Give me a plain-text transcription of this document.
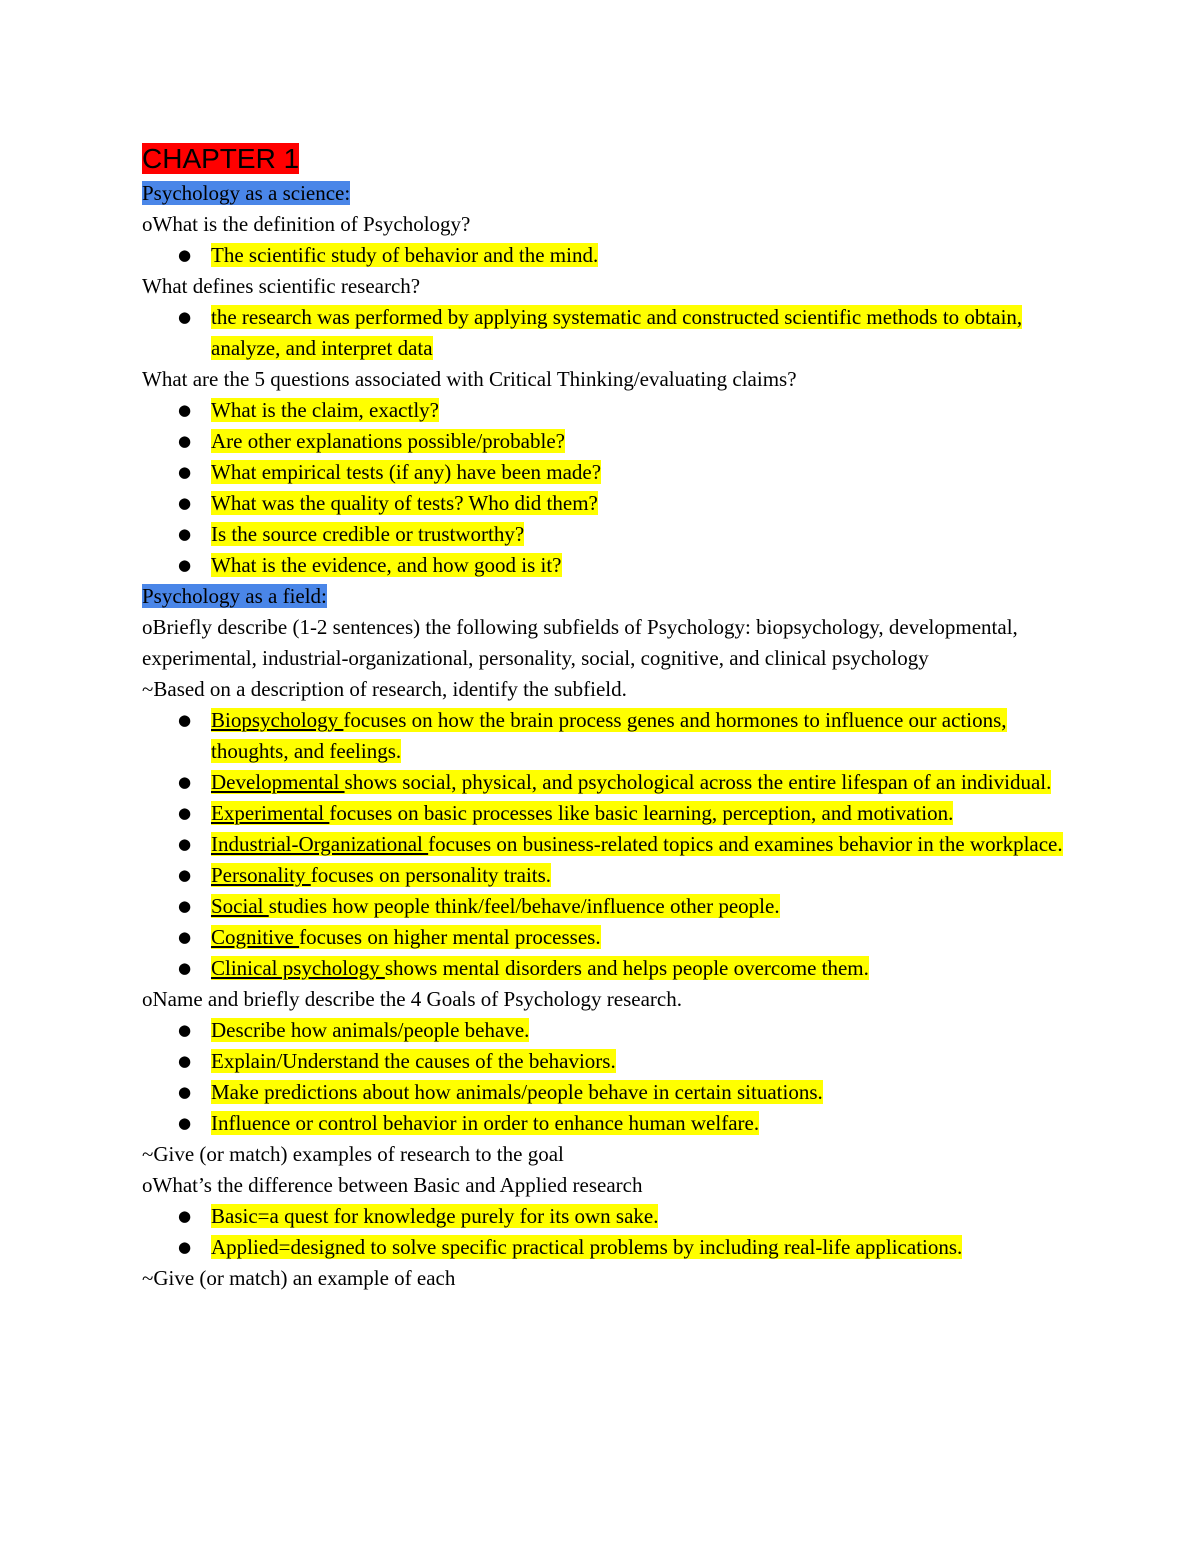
CHAPTER 1
Psychology as a science:
oWhat is the definition of Psychology?
● The scientific study of behavior and the mind.
What defines scientific research?
● the research was performed by applying systematic and constructed scientific methods to obtain, analyze, and interpret data
What are the 5 questions associated with Critical Thinking/evaluating claims?
● What is the claim, exactly?
● Are other explanations possible/probable?
● What empirical tests (if any) have been made?
● What was the quality of tests? Who did them?
● Is the source credible or trustworthy?
● What is the evidence, and how good is it?
Psychology as a field:
oBriefly describe (1-2 sentences) the following subfields of Psychology: biopsychology, developmental, experimental, industrial-organizational, personality, social, cognitive, and clinical psychology
~Based on a description of research, identify the subfield.
● Biopsychology focuses on how the brain process genes and hormones to influence our actions, thoughts, and feelings.
● Developmental shows social, physical, and psychological across the entire lifespan of an individual.
● Experimental focuses on basic processes like basic learning, perception, and motivation.
● Industrial-Organizational focuses on business-related topics and examines behavior in the workplace.
● Personality focuses on personality traits.
● Social studies how people think/feel/behave/influence other people.
● Cognitive focuses on higher mental processes.
● Clinical psychology shows mental disorders and helps people overcome them.
oName and briefly describe the 4 Goals of Psychology research.
● Describe how animals/people behave.
● Explain/Understand the causes of the behaviors.
● Make predictions about how animals/people behave in certain situations.
● Influence or control behavior in order to enhance human welfare.
~Give (or match) examples of research to the goal
oWhat’s the difference between Basic and Applied research
● Basic=a quest for knowledge purely for its own sake.
● Applied=designed to solve specific practical problems by including real-life applications.
~Give (or match) an example of each
